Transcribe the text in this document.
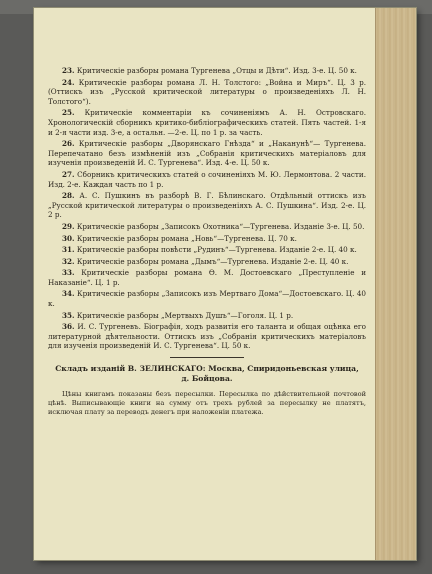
23. Критическіе разборы романа Тургенева „Отцы и Дѣти“. Изд. 3-е. Ц. 50 к.
24. Критическіе разборы романа Л. Н. Толстого: „Война и Миръ“. Ц. 3 р. (Оттискъ изъ „Русской критической литературы о произведеніяхъ Л. Н. Толстого“).
25. Критическіе комментаріи къ сочиненіямъ А. Н. Островскаго. Хронологическій сборникъ критико-библіографическихъ статей. Пять частей. 1-я и 2-я части изд. 3-е, а остальн. —2-е. Ц. по 1 р. за часть.
26. Критическіе разборы „Дворянскаго Гнѣзда“ и „Наканунѣ“— Тургенева. Перепечатано безъ измѣненій изъ „Собранія критическихъ матеріаловъ для изученія произведеній И. С. Тургенева“. Изд. 4-е. Ц. 50 к.
27. Сборникъ критическихъ статей о сочиненіяхъ М. Ю. Лермонтова. 2 части. Изд. 2-е. Каждая часть по 1 р.
28. А. С. Пушкинъ въ разборѣ В. Г. Бѣлинскаго. Отдѣльный оттискъ изъ „Русской критической литературы о произведеніяхъ А. С. Пушкина“. Изд. 2-е. Ц. 2 р.
29. Критическіе разборы „Записокъ Охотника“—Тургенева. Изданіе 3-е. Ц. 50.
30. Критическіе разборы романа „Новь“—Тургенева. Ц. 70 к.
31. Критическіе разборы повѣсти „Рудинъ“—Тургенева. Изданіе 2-е. Ц. 40 к.
32. Критическіе разборы романа „Дымъ“—Тургенева. Изданіе 2-е. Ц. 40 к.
33. Критическіе разборы романа Ѳ. М. Достоевскаго „Преступленіе и Наказаніе“. Ц. 1 р.
34. Критическіе разборы „Записокъ изъ Мертваго Дома“—Достоевскаго. Ц. 40 к.
35. Критическіе разборы „Мертвыхъ Душъ“—Гоголя. Ц. 1 р.
36. И. С. Тургеневъ. Біографія, ходъ развитія его таланта и общая оцѣнка его литературной дѣятельности. Оттискъ изъ „Собранія критическихъ матеріаловъ для изученія произведеній И. С. Тургенева“. Ц. 50 к.
Складъ изданій В. ЗЕЛИНСКАГО: Москва, Спиридоньевская улица,
д. Бойцова.
Цѣны книгамъ показаны безъ пересылки. Пересылка по дѣйствительной почтовой цѣнѣ. Выписывающіе книги на сумму отъ трехъ рублей за пересылку не платятъ, исключая плату за переводъ денегъ при наложеніи платежа.
